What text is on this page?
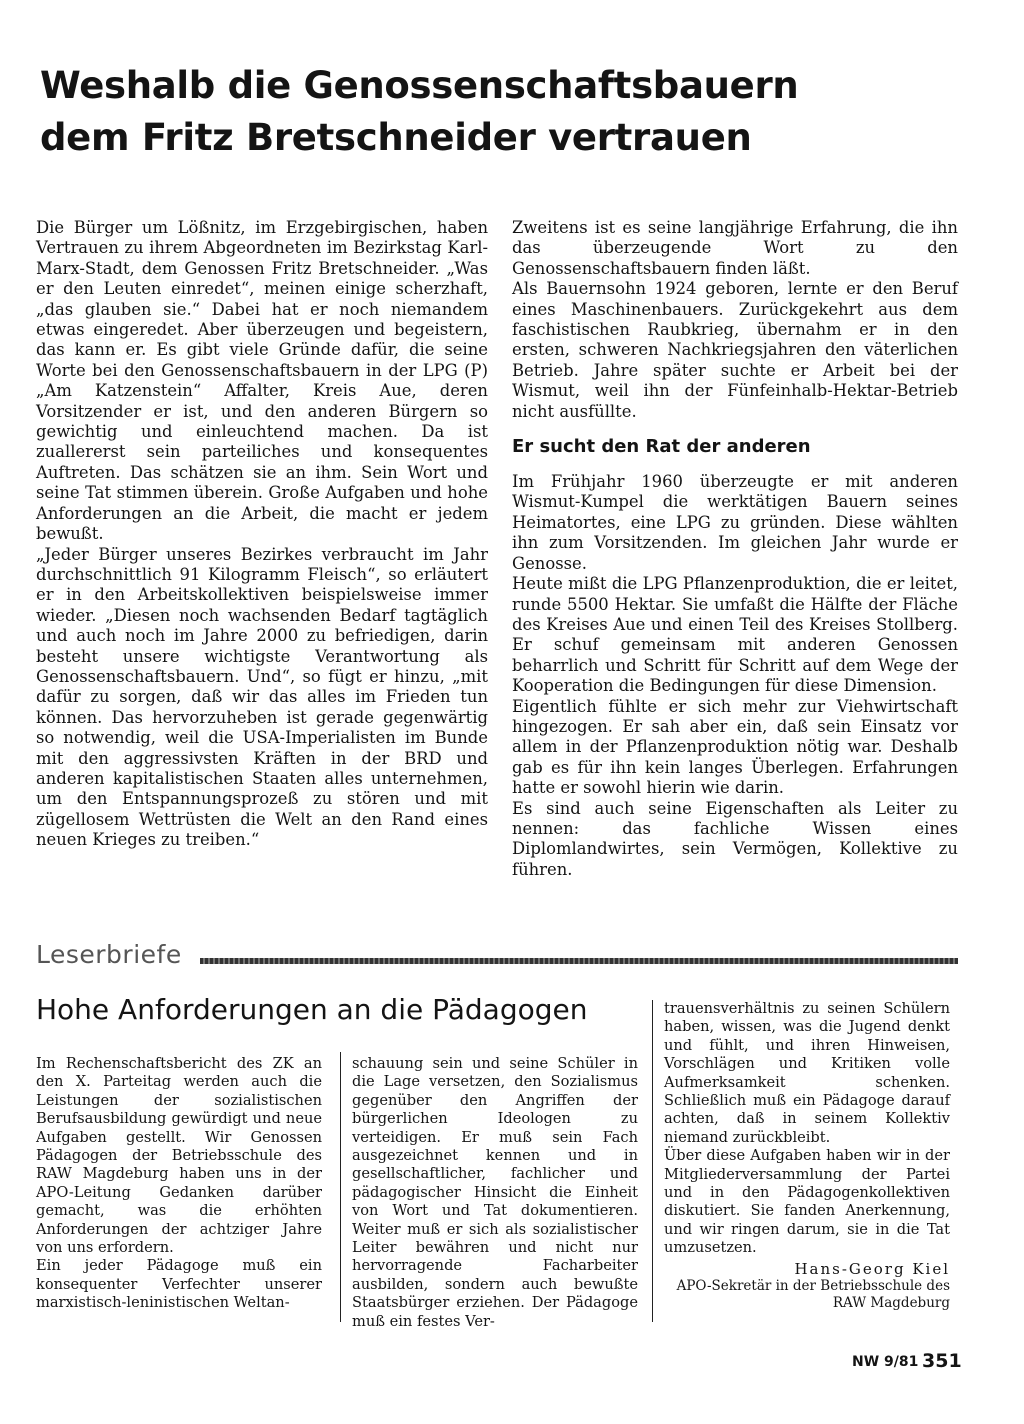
Weshalb die Genossenschaftsbauern
dem Fritz Bretschneider vertrauen

Die Bürger um Lößnitz, im Erzgebirgischen, haben Vertrauen zu ihrem Abgeordneten im Bezirkstag Karl-Marx-Stadt, dem Genossen Fritz Bretschneider. „Was er den Leuten einredet“, meinen einige scherzhaft, „das glauben sie.“ Dabei hat er noch niemandem etwas eingeredet. Aber überzeugen und begeistern, das kann er. Es gibt viele Gründe dafür, die seine Worte bei den Genossenschaftsbauern in der LPG (P) „Am Katzenstein“ Affalter, Kreis Aue, deren Vorsitzender er ist, und den anderen Bürgern so gewichtig und einleuchtend machen. Da ist zuallererst sein parteiliches und konsequentes Auftreten. Das schätzen sie an ihm. Sein Wort und seine Tat stimmen überein. Große Aufgaben und hohe Anforderungen an die Arbeit, die macht er jedem bewußt.

„Jeder Bürger unseres Bezirkes verbraucht im Jahr durchschnittlich 91 Kilogramm Fleisch“, so erläutert er in den Arbeitskollektiven beispielsweise immer wieder. „Diesen noch wachsenden Bedarf tagtäglich und auch noch im Jahre 2000 zu befriedigen, darin besteht unsere wichtigste Verantwortung als Genossenschaftsbauern. Und“, so fügt er hinzu, „mit dafür zu sorgen, daß wir das alles im Frieden tun können. Das hervorzuheben ist gerade gegenwärtig so notwendig, weil die USA-Imperialisten im Bunde mit den aggressivsten Kräften in der BRD und anderen kapitalistischen Staaten alles unternehmen, um den Entspannungsprozeß zu stören und mit zügellosem Wettrüsten die Welt an den Rand eines neuen Krieges zu treiben.“

Zweitens ist es seine langjährige Erfahrung, die ihn das überzeugende Wort zu den Genossenschaftsbauern finden läßt.

Als Bauernsohn 1924 geboren, lernte er den Beruf eines Maschinenbauers. Zurückgekehrt aus dem faschistischen Raubkrieg, übernahm er in den ersten, schweren Nachkriegsjahren den väterlichen Betrieb. Jahre später suchte er Arbeit bei der Wismut, weil ihn der Fünfeinhalb-Hektar-Betrieb nicht ausfüllte.

Er sucht den Rat der anderen

Im Frühjahr 1960 überzeugte er mit anderen Wismut-Kumpel die werktätigen Bauern seines Heimatortes, eine LPG zu gründen. Diese wählten ihn zum Vorsitzenden. Im gleichen Jahr wurde er Genosse.

Heute mißt die LPG Pflanzenproduktion, die er leitet, runde 5500 Hektar. Sie umfaßt die Hälfte der Fläche des Kreises Aue und einen Teil des Kreises Stollberg. Er schuf gemeinsam mit anderen Genossen beharrlich und Schritt für Schritt auf dem Wege der Kooperation die Bedingungen für diese Dimension.

Eigentlich fühlte er sich mehr zur Viehwirtschaft hingezogen. Er sah aber ein, daß sein Einsatz vor allem in der Pflanzenproduktion nötig war. Deshalb gab es für ihn kein langes Überlegen. Erfahrungen hatte er sowohl hierin wie darin.

Es sind auch seine Eigenschaften als Leiter zu nennen: das fachliche Wissen eines Diplomlandwirtes, sein Vermögen, Kollektive zu führen.

Leserbriefe
Hohe Anforderungen an die Pädagogen

Im Rechenschaftsbericht des ZK an den X. Parteitag werden auch die Leistungen der sozialistischen Berufsausbildung gewürdigt und neue Aufgaben gestellt. Wir Genossen Pädagogen der Betriebsschule des RAW Magdeburg haben uns in der APO-Leitung Gedanken darüber gemacht, was die erhöhten Anforderungen der achtziger Jahre von uns erfordern.

Ein jeder Pädagoge muß ein konsequenter Verfechter unserer marxistisch-leninistischen Weltan-

schauung sein und seine Schüler in die Lage versetzen, den Sozialismus gegenüber den Angriffen der bürgerlichen Ideologen zu verteidigen. Er muß sein Fach ausgezeichnet kennen und in gesellschaftlicher, fachlicher und pädagogischer Hinsicht die Einheit von Wort und Tat dokumentieren. Weiter muß er sich als sozialistischer Leiter bewähren und nicht nur hervorragende Facharbeiter ausbilden, sondern auch bewußte Staatsbürger erziehen. Der Pädagoge muß ein festes Ver-

trauensverhältnis zu seinen Schülern haben, wissen, was die Jugend denkt und fühlt, und ihren Hinweisen, Vorschlägen und Kritiken volle Aufmerksamkeit schenken. Schließlich muß ein Pädagoge darauf achten, daß in seinem Kollektiv niemand zurückbleibt.

Über diese Aufgaben haben wir in der Mitgliederversammlung der Partei und in den Pädagogenkollektiven diskutiert. Sie fanden Anerkennung, und wir ringen darum, sie in die Tat umzusetzen.

Hans-Georg Kiel
APO-Sekretär in der Betriebsschule des
RAW Magdeburg
NW 9/81 351
